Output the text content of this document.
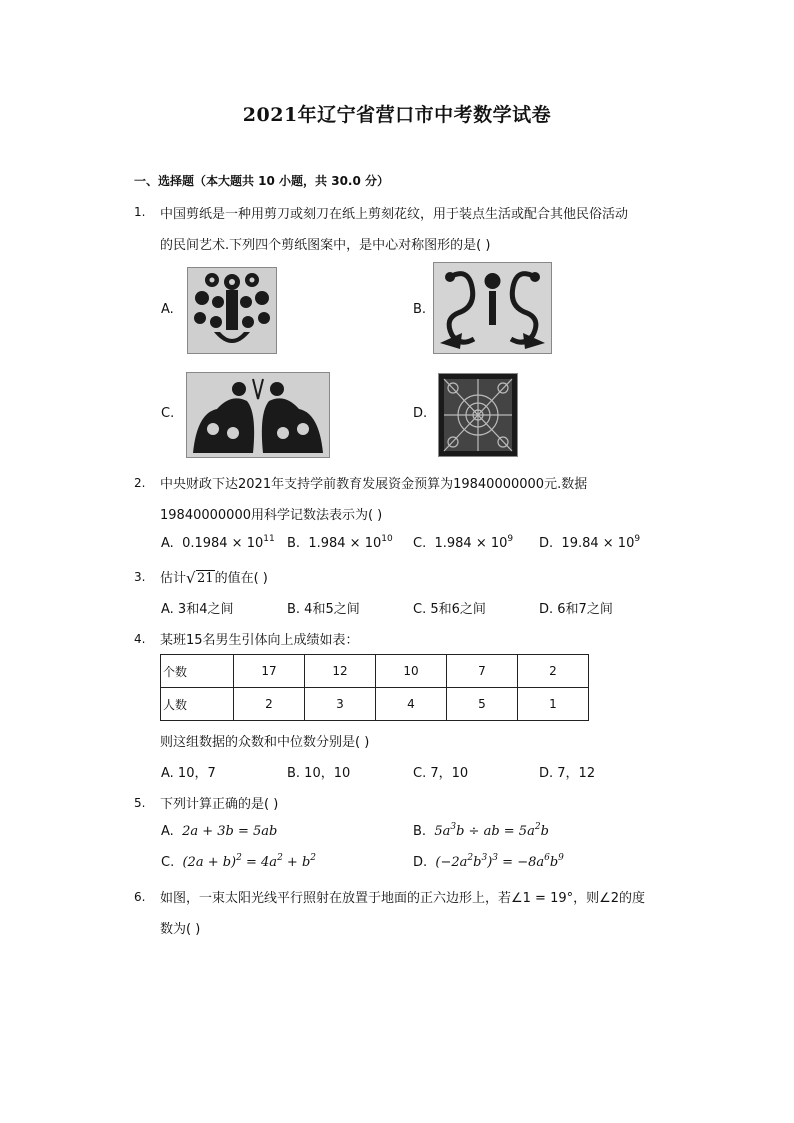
2021年辽宁省营口市中考数学试卷
一、选择题（本大题共 10 小题，共 30.0 分）
1. 中国剪纸是一种用剪刀或刻刀在纸上剪刻花纹，用于装点生活或配合其他民俗活动
的民间艺术.下列四个剪纸图案中，是中心对称图形的是( )
A.	B.
C.	D.
2. 中央财政下达2021年支持学前教育发展资金预算为19840000000元.数据
19840000000用科学记数法表示为( )
A. $0.1984 \times 10^{11}$ B. $1.984 \times 10^{10}$ C. $1.984 \times 10^9$ D. $19.84 \times 10^9$
3. 估计 √ 21的值在( )
A. 3和4之间	B. 4和5之间	C. 5和6之间	D. 6和7之间
4. 某班15名男生引体向上成绩如表：
个数	17	12	10	7	2
人数	2	3	4	5	1
则这组数据的众数和中位数分别是( )
A. 10，7	B. 10，10	C. 7，10	D. 7，12
5. 下列计算正确的是( )
A. 2a + 3b = 5ab	B. $5a^3b$ ÷ ab = $5a^2b$
C. $(2a + b)^2 = 4a^2 + b^2$	D. $(-2a^2b^3)^3 = -8a^6b^9$
6. 如图，一束太阳光线平行照射在放置于地面的正六边形上，若∠1 = 19°，则∠2的度
数为( )
